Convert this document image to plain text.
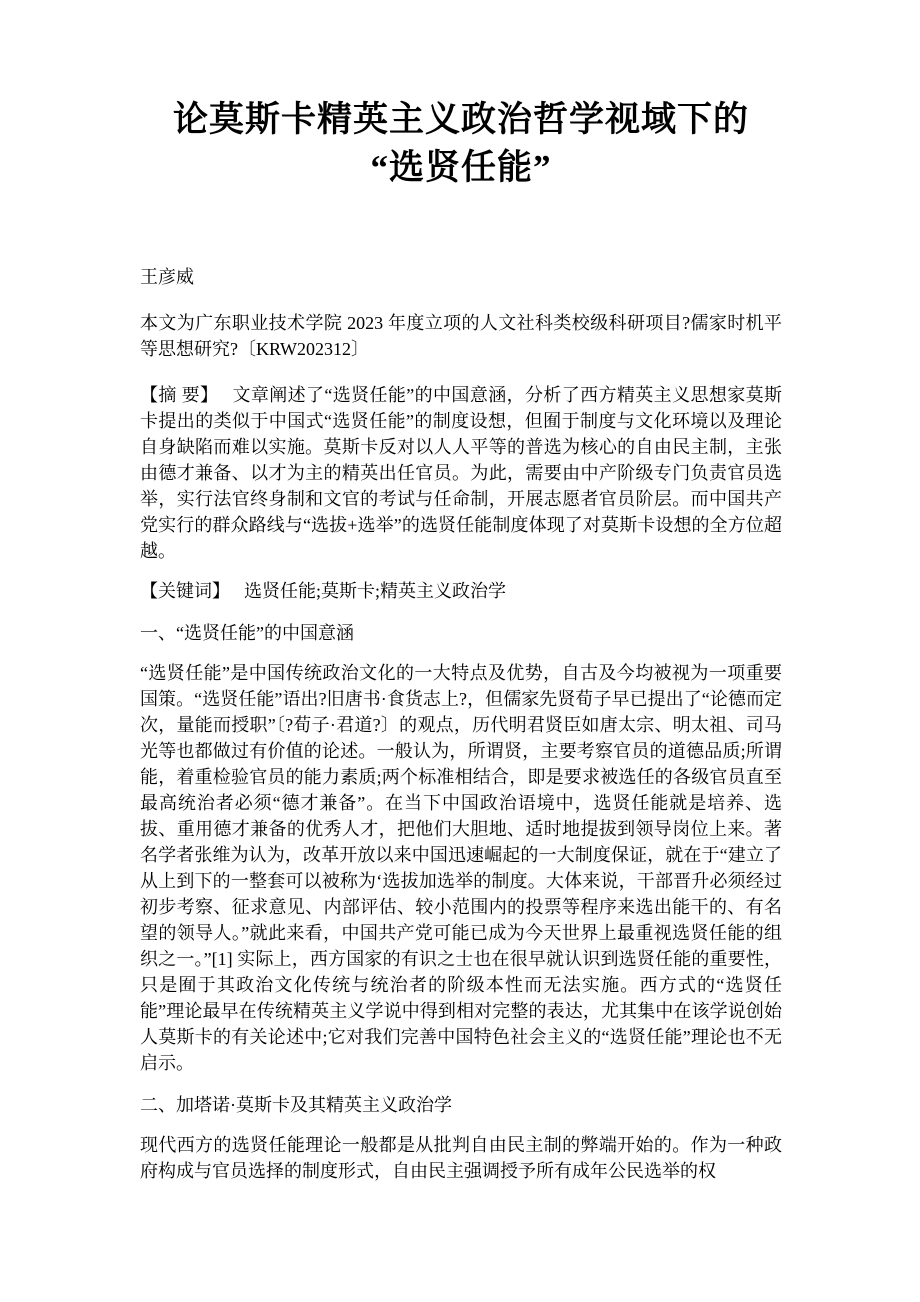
论莫斯卡精英主义政治哲学视域下的
“选贤任能”

王彦威

本文为广东职业技术学院 2023 年度立项的人文社科类校级科研项目?儒家时机平等思想研究?〔KRW202312〕

【摘 要】 文章阐述了“选贤任能”的中国意涵，分析了西方精英主义思想家莫斯卡提出的类似于中国式“选贤任能”的制度设想，但囿于制度与文化环境以及理论自身缺陷而难以实施。莫斯卡反对以人人平等的普选为核心的自由民主制，主张由德才兼备、以才为主的精英出任官员。为此，需要由中产阶级专门负责官员选举，实行法官终身制和文官的考试与任命制，开展志愿者官员阶层。而中国共产党实行的群众路线与“选拔+选举”的选贤任能制度体现了对莫斯卡设想的全方位超越。

【关键词】 选贤任能;莫斯卡;精英主义政治学

一、“选贤任能”的中国意涵

“选贤任能”是中国传统政治文化的一大特点及优势，自古及今均被视为一项重要国策。“选贤任能”语出?旧唐书·食货志上?，但儒家先贤荀子早已提出了“论德而定次，量能而授职”〔?荀子·君道?〕的观点，历代明君贤臣如唐太宗、明太祖、司马光等也都做过有价值的论述。一般认为，所谓贤，主要考察官员的道德品质;所谓能，着重检验官员的能力素质;两个标准相结合，即是要求被选任的各级官员直至最高统治者必须“德才兼备”。在当下中国政治语境中，选贤任能就是培养、选拔、重用德才兼备的优秀人才，把他们大胆地、适时地提拔到领导岗位上来。著名学者张维为认为，改革开放以来中国迅速崛起的一大制度保证，就在于“建立了从上到下的一整套可以被称为‘选拔加选举的制度。大体来说，干部晋升必须经过初步考察、征求意见、内部评估、较小范围内的投票等程序来选出能干的、有名望的领导人。”就此来看，中国共产党可能已成为今天世界上最重视选贤任能的组织之一。”[1] 实际上，西方国家的有识之士也在很早就认识到选贤任能的重要性，只是囿于其政治文化传统与统治者的阶级本性而无法实施。西方式的“选贤任能”理论最早在传统精英主义学说中得到相对完整的表达，尤其集中在该学说创始人莫斯卡的有关论述中;它对我们完善中国特色社会主义的“选贤任能”理论也不无启示。

二、加塔诺·莫斯卡及其精英主义政治学

现代西方的选贤任能理论一般都是从批判自由民主制的弊端开始的。作为一种政府构成与官员选择的制度形式，自由民主强调授予所有成年公民选举的权
